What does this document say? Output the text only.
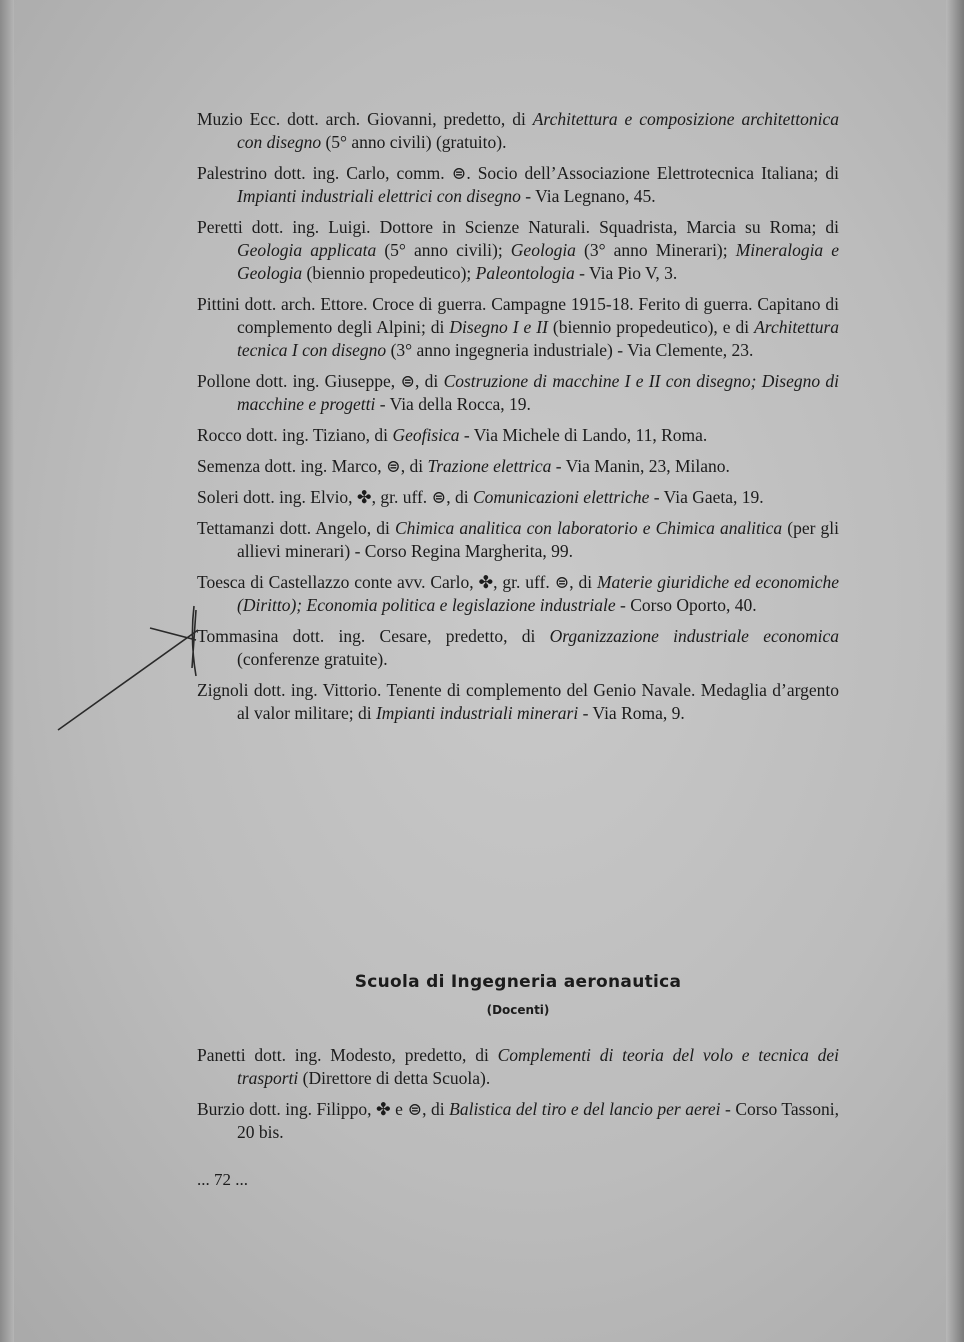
Muzio Ecc. dott. arch. Giovanni, predetto, di Architettura e composizione architettonica con disegno (5° anno civili) (gratuito).

Palestrino dott. ing. Carlo, comm. ⊜. Socio dell’Associazione Elettrotecnica Italiana; di Impianti industriali elettrici con disegno - Via Legnano, 45.

Peretti dott. ing. Luigi. Dottore in Scienze Naturali. Squadrista, Marcia su Roma; di Geologia applicata (5° anno civili); Geologia (3° anno Minerari); Mineralogia e Geologia (biennio propedeutico); Paleontologia - Via Pio V, 3.

Pittini dott. arch. Ettore. Croce di guerra. Campagne 1915-18. Ferito di guerra. Capitano di complemento degli Alpini; di Disegno I e II (biennio propedeutico), e di Architettura tecnica I con disegno (3° anno ingegneria industriale) - Via Clemente, 23.

Pollone dott. ing. Giuseppe, ⊜, di Costruzione di macchine I e II con disegno; Disegno di macchine e progetti - Via della Rocca, 19.

Rocco dott. ing. Tiziano, di Geofisica - Via Michele di Lando, 11, Roma.

Semenza dott. ing. Marco, ⊜, di Trazione elettrica - Via Manin, 23, Milano.

Soleri dott. ing. Elvio, ✤, gr. uff. ⊜, di Comunicazioni elettriche - Via Gaeta, 19.

Tettamanzi dott. Angelo, di Chimica analitica con laboratorio e Chimica analitica (per gli allievi minerari) - Corso Regina Margherita, 99.

Toesca di Castellazzo conte avv. Carlo, ✤, gr. uff. ⊜, di Materie giuridiche ed economiche (Diritto); Economia politica e legislazione industriale - Corso Oporto, 40.

Tommasina dott. ing. Cesare, predetto, di Organizzazione industriale economica (conferenze gratuite).

Zignoli dott. ing. Vittorio. Tenente di complemento del Genio Navale. Medaglia d’argento al valor militare; di Impianti industriali minerari - Via Roma, 9.

Scuola di Ingegneria aeronautica
(Docenti)

Panetti dott. ing. Modesto, predetto, di Complementi di teoria del volo e tecnica dei trasporti (Direttore di detta Scuola).

Burzio dott. ing. Filippo, ✤ e ⊜, di Balistica del tiro e del lancio per aerei - Corso Tassoni, 20 bis.

... 72 ...
